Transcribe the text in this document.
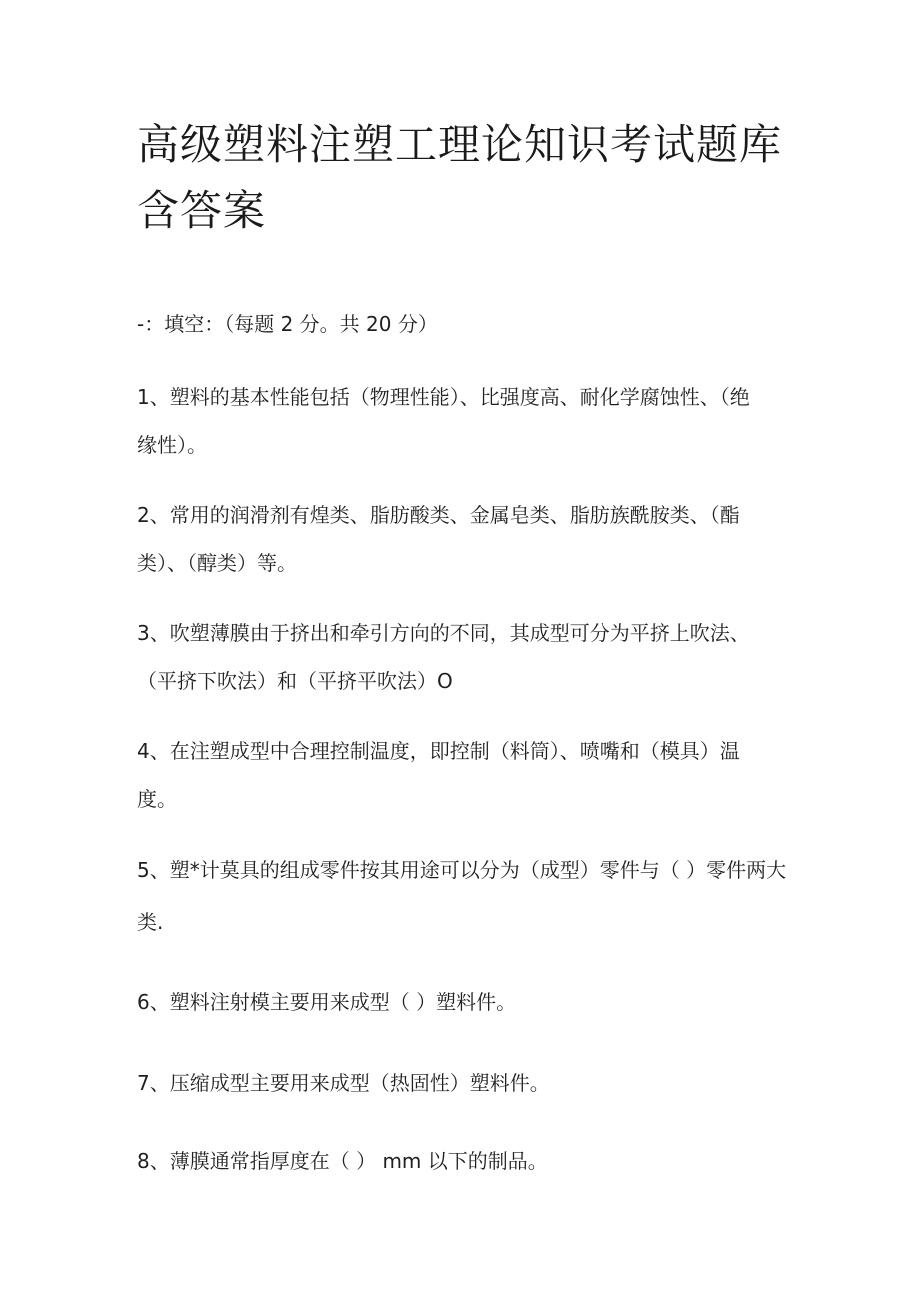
高级塑料注塑工理论知识考试题库
含答案

-：填空：（每题 2 分。共 20 分）

1、塑料的基本性能包括（物理性能）、比强度高、耐化学腐蚀性、（绝

缘性）。

2、常用的润滑剂有煌类、脂肪酸类、金属皂类、脂肪族酰胺类、（酯

类）、（醇类）等。

3、吹塑薄膜由于挤出和牵引方向的不同，其成型可分为平挤上吹法、

（平挤下吹法）和（平挤平吹法）O

4、在注塑成型中合理控制温度，即控制（料筒）、喷嘴和（模具）温

度。

5、塑*计莫具的组成零件按其用途可以分为（成型）零件与（ ）零件两大

类.

6、塑料注射模主要用来成型（ ）塑料件。

7、压缩成型主要用来成型（热固性）塑料件。

8、薄膜通常指厚度在（ ） mm 以下的制品。
